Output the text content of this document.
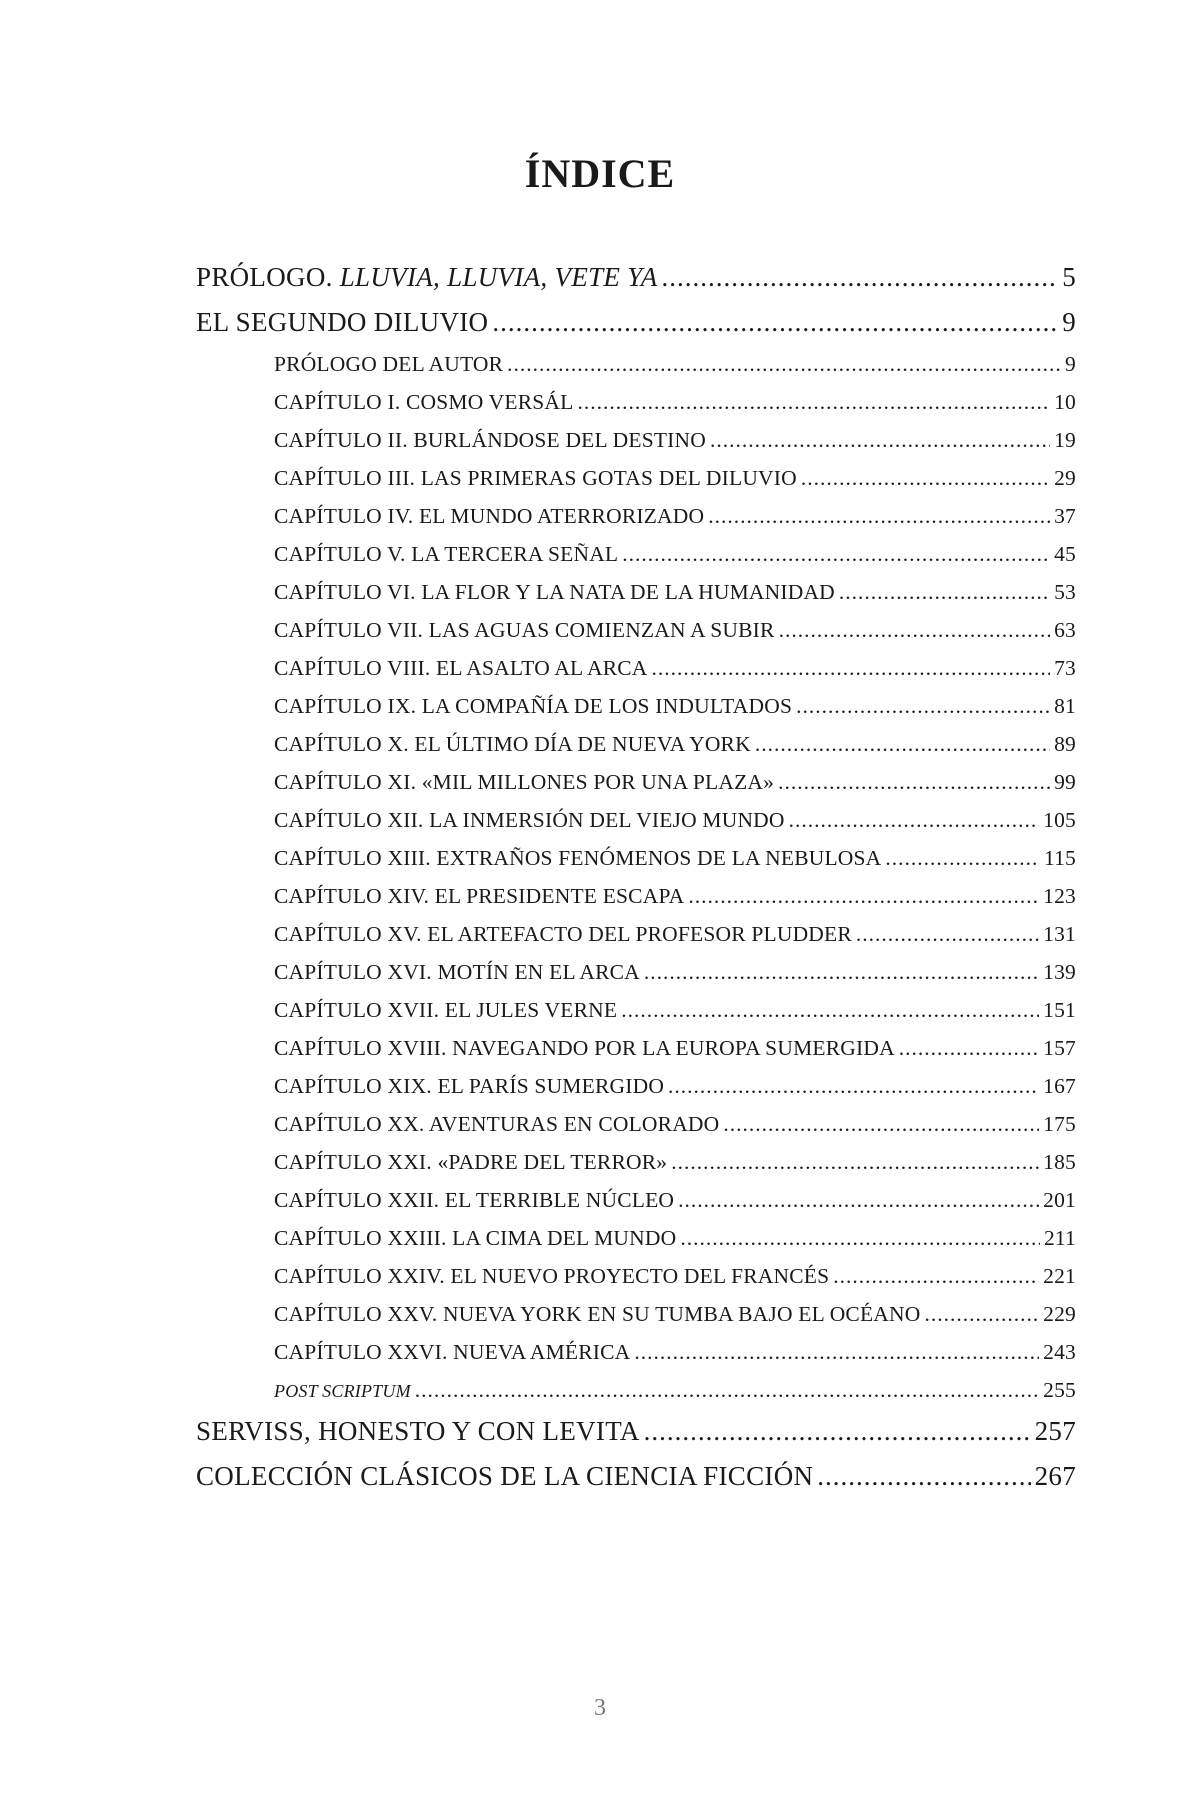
ÍNDICE
PRÓLOGO. LLUVIA, LLUVIA, VETE YA .....	5
EL SEGUNDO DILUVIO .....	9
PRÓLOGO DEL AUTOR .....	9
CAPÍTULO I. COSMO VERSÁL .....	10
CAPÍTULO II. BURLÁNDOSE DEL DESTINO .....	19
CAPÍTULO III. LAS PRIMERAS GOTAS DEL DILUVIO .....	29
CAPÍTULO IV. EL MUNDO ATERRORIZADO .....	37
CAPÍTULO V. LA TERCERA SEÑAL .....	45
CAPÍTULO VI. LA FLOR Y LA NATA DE LA HUMANIDAD .....	53
CAPÍTULO VII. LAS AGUAS COMIENZAN A SUBIR .....	63
CAPÍTULO VIII. EL ASALTO AL ARCA .....	73
CAPÍTULO IX. LA COMPAÑÍA DE LOS INDULTADOS .....	81
CAPÍTULO X. EL ÚLTIMO DÍA DE NUEVA YORK .....	89
CAPÍTULO XI. «MIL MILLONES POR UNA PLAZA» .....	99
CAPÍTULO XII. LA INMERSIÓN DEL VIEJO MUNDO .....	105
CAPÍTULO XIII. EXTRAÑOS FENÓMENOS DE LA NEBULOSA .....	115
CAPÍTULO XIV. EL PRESIDENTE ESCAPA .....	123
CAPÍTULO XV. EL ARTEFACTO DEL PROFESOR PLUDDER .....	131
CAPÍTULO XVI. MOTÍN EN EL ARCA .....	139
CAPÍTULO XVII. EL JULES VERNE .....	151
CAPÍTULO XVIII. NAVEGANDO POR LA EUROPA SUMERGIDA .....	157
CAPÍTULO XIX. EL PARÍS SUMERGIDO .....	167
CAPÍTULO XX. AVENTURAS EN COLORADO .....	175
CAPÍTULO XXI. «PADRE DEL TERROR» .....	185
CAPÍTULO XXII. EL TERRIBLE NÚCLEO .....	201
CAPÍTULO XXIII. LA CIMA DEL MUNDO .....	211
CAPÍTULO XXIV. EL NUEVO PROYECTO DEL FRANCÉS .....	221
CAPÍTULO XXV. NUEVA YORK EN SU TUMBA BAJO EL OCÉANO .....	229
CAPÍTULO XXVI. NUEVA AMÉRICA .....	243
POST SCRIPTUM .....	255
SERVISS, HONESTO Y CON LEVITA .....	257
COLECCIÓN CLÁSICOS DE LA CIENCIA FICCIÓN .....	267
3
